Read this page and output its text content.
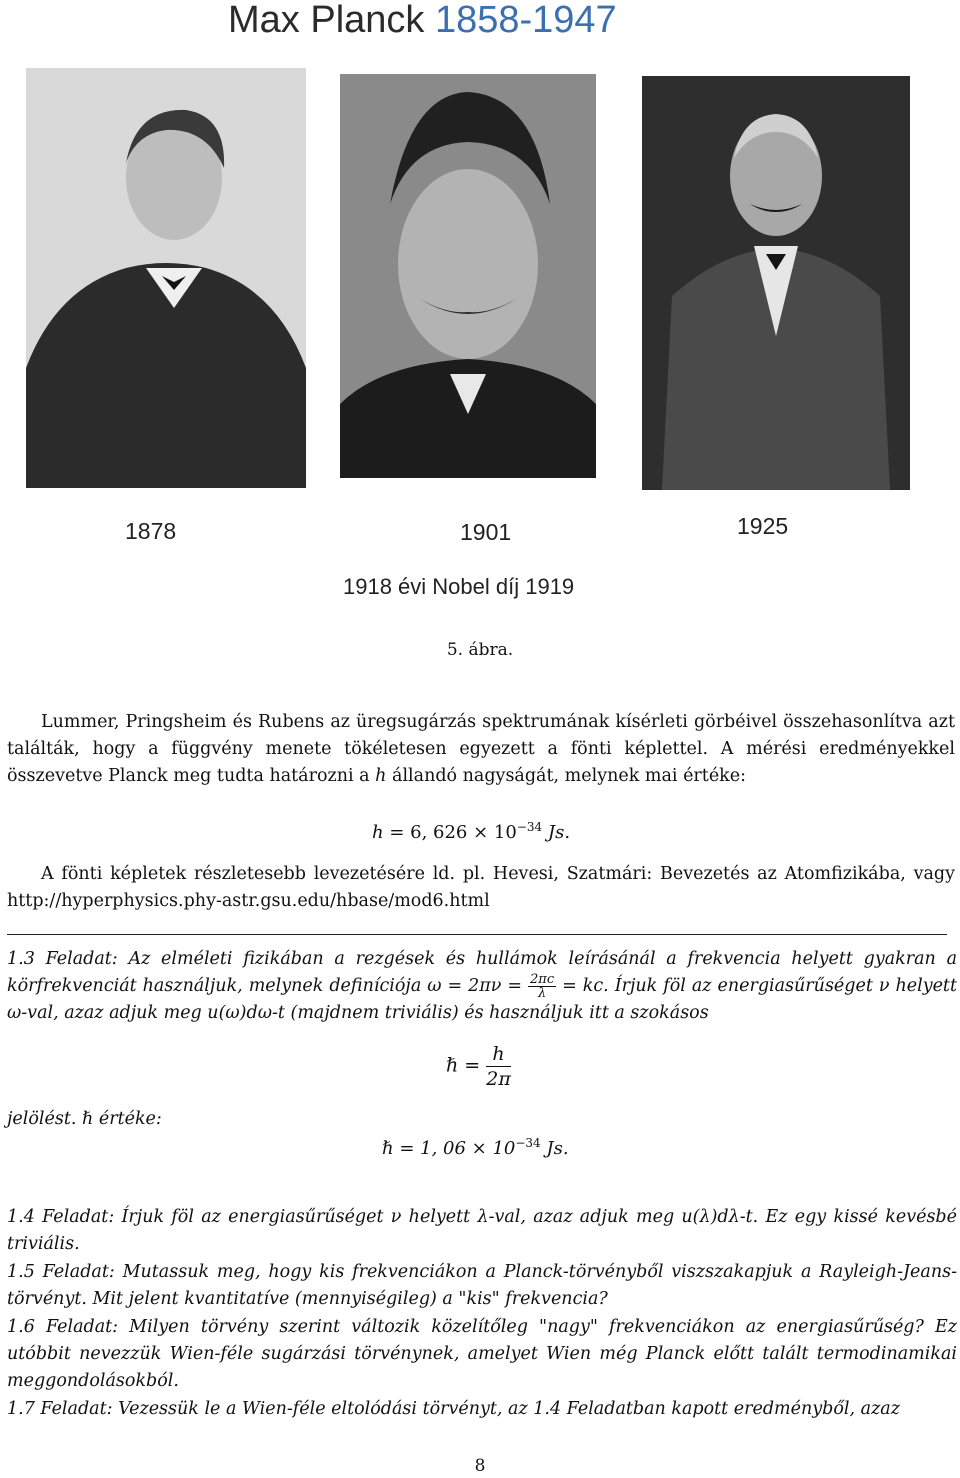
Max Planck 1858-1947
1878	1901	1925
1918 évi Nobel díj 1919
5. ábra.
Lummer, Pringsheim és Rubens az üregsugárzás spektrumának kísérleti görbéivel összehasonlítva azt találták, hogy a függvény menete tökéletesen egyezett a fönti képlettel. A mérési eredményekkel összevetve Planck meg tudta határozni a h állandó nagyságát, melynek mai értéke:
h = 6, $626 \times 10^{-34}$ Js.
A fönti képletek részletesebb levezetésére ld. pl. Hevesi, Szatmári: Bevezetés az Atomfizikába, vagy http://hyperphysics.phy-astr.gsu.edu/hbase/mod6.html
1.3 Feladat: Az elméleti fizikában a rezgések és hullámok leírásánál a frekvencia helyett gyakran a körfrekvenciát használjuk, melynek definíciója $\omega = 2\pi\nu = \frac{2\pi c}{\lambda}$ = kc. Írjuk föl az energiasűrűséget ν helyett ω-val, azaz adjuk meg u(ω)dω-t (majdnem triviális) és használjuk itt a szokásos
ℏ = $\frac{h}{2\pi}$
jelölést. ℏ értéke:
ℏ = 1, $06 \times 10^{-34}$ Js.
1.4 Feladat: Írjuk föl az energiasűrűséget ν helyett λ-val, azaz adjuk meg u(λ)dλ-t. Ez egy kissé kevésbé triviális.
1.5 Feladat: Mutassuk meg, hogy kis frekvenciákon a Planck-törvényből viszszakapjuk a Rayleigh-Jeans-törvényt. Mit jelent kvantitatíve (mennyiségileg) a "kis" frekvencia?
1.6 Feladat: Milyen törvény szerint változik közelítőleg "nagy" frekvenciákon az energiasűrűség? Ez utóbbit nevezzük Wien-féle sugárzási törvénynek, amelyet Wien még Planck előtt talált termodinamikai meggondolásokból.
1.7 Feladat: Vezessük le a Wien-féle eltolódási törvényt, az 1.4 Feladatban kapott eredményből, azaz
8
